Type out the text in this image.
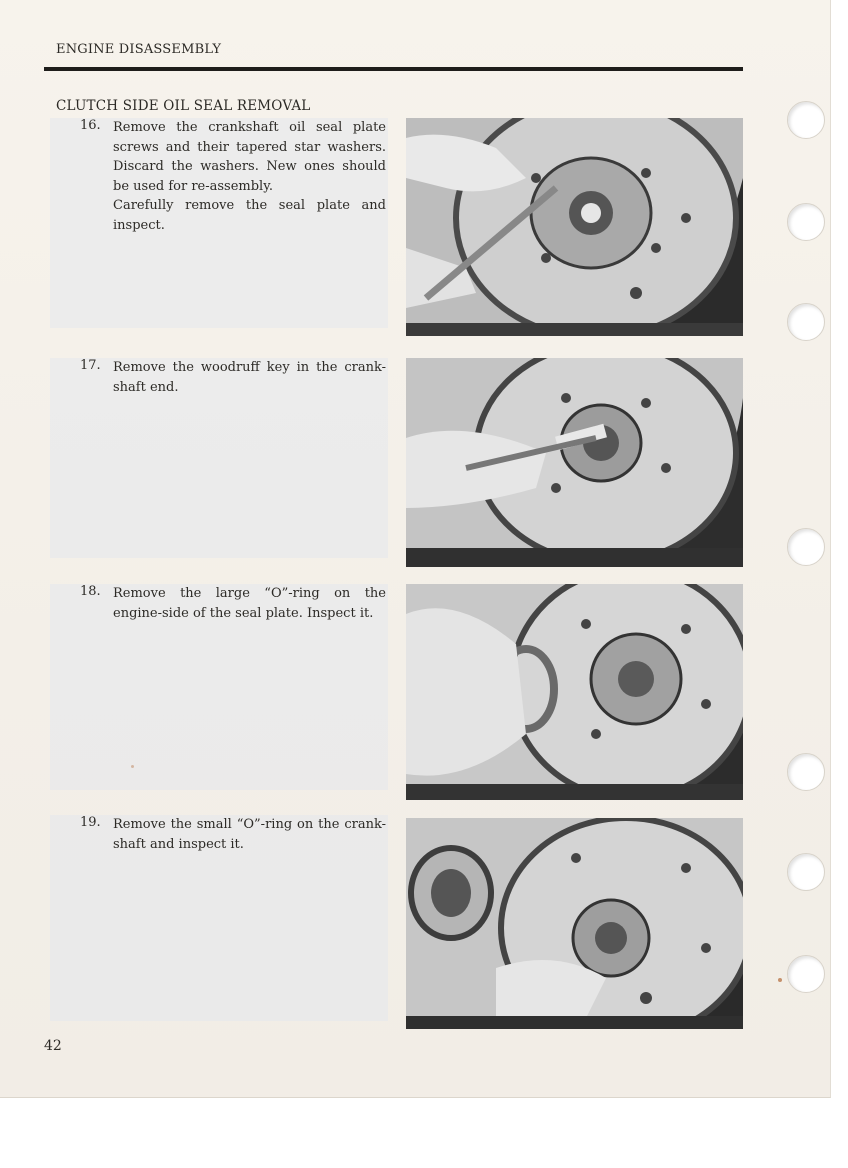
ENGINE DISASSEMBLY
CLUTCH SIDE OIL SEAL REMOVAL
16. Remove the crankshaft oil seal plate screws and their tapered star washers. Discard the washers. New ones should be used for re-assembly.

Carefully remove the seal plate and inspect.

17. Remove the woodruff key in the crank-shaft end.

18. Remove the large “O”-ring on the engine-side of the seal plate. Inspect it.

19. Remove the small “O”-ring on the crank-shaft and inspect it.

42
